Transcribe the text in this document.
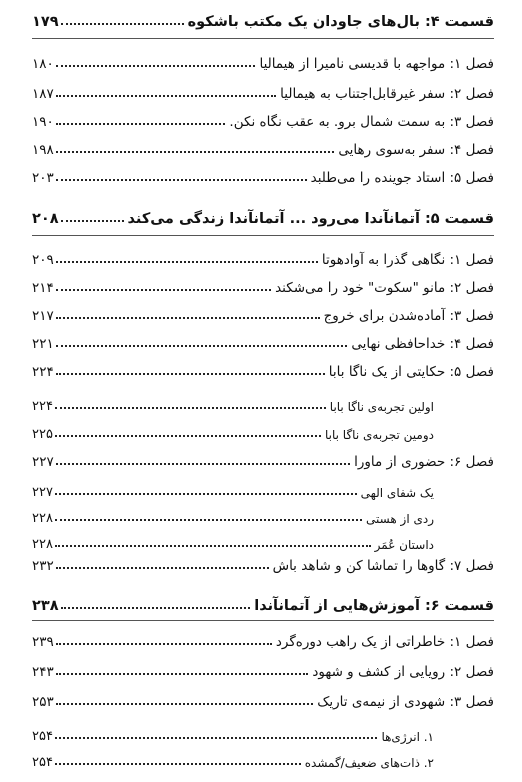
قسمت ۴: بال‌های جاودان یک مکتب باشکوه
۱۷۹
فصل ۱: مواجهه با قدیسی نامیرا از هیمالیا
۱۸۰
فصل ۲: سفر غیرقابل‌اجتناب به هیمالیا
۱۸۷
فصل ۳: به سمت شمال برو. به عقب نگاه نکن.
۱۹۰
فصل ۴: سفر به‌سوی رهایی
۱۹۸
فصل ۵: استاد جوینده را می‌طلبد
۲۰۳
قسمت ۵: آتمانآندا می‌رود ... آتمانآندا زندگی می‌کند
۲۰۸
فصل ۱: نگاهی گذرا به آوادهوتا
۲۰۹
فصل ۲: مانو "سکوت" خود را می‌شکند
۲۱۴
فصل ۳: آماده‌شدن برای خروج
۲۱۷
فصل ۴: خداحافظی نهایی
۲۲۱
فصل ۵: حکایتی از یک ناگا بابا
۲۲۴
اولین تجربه‌ی ناگا بابا
۲۲۴
دومین تجربه‌ی ناگا بابا
۲۲۵
فصل ۶: حضوری از ماورا
۲۲۷
یک شفای الهی
۲۲۷
ردی از هستی
۲۲۸
داستان عُمَر
۲۲۸
فصل ۷: گاوها را تماشا کن و شاهد باش
۲۳۲
قسمت ۶: آموزش‌هایی از آتمانآندا
۲۳۸
فصل ۱: خاطراتی از یک راهب دوره‌گرد
۲۳۹
فصل ۲: رویایی از کشف و شهود
۲۴۳
فصل ۳: شهودی از نیمه‌ی تاریک
۲۵۳
۱. انرژی‌ها
۲۵۴
۲. ذات‌های ضعیف/گمشده
۲۵۴
